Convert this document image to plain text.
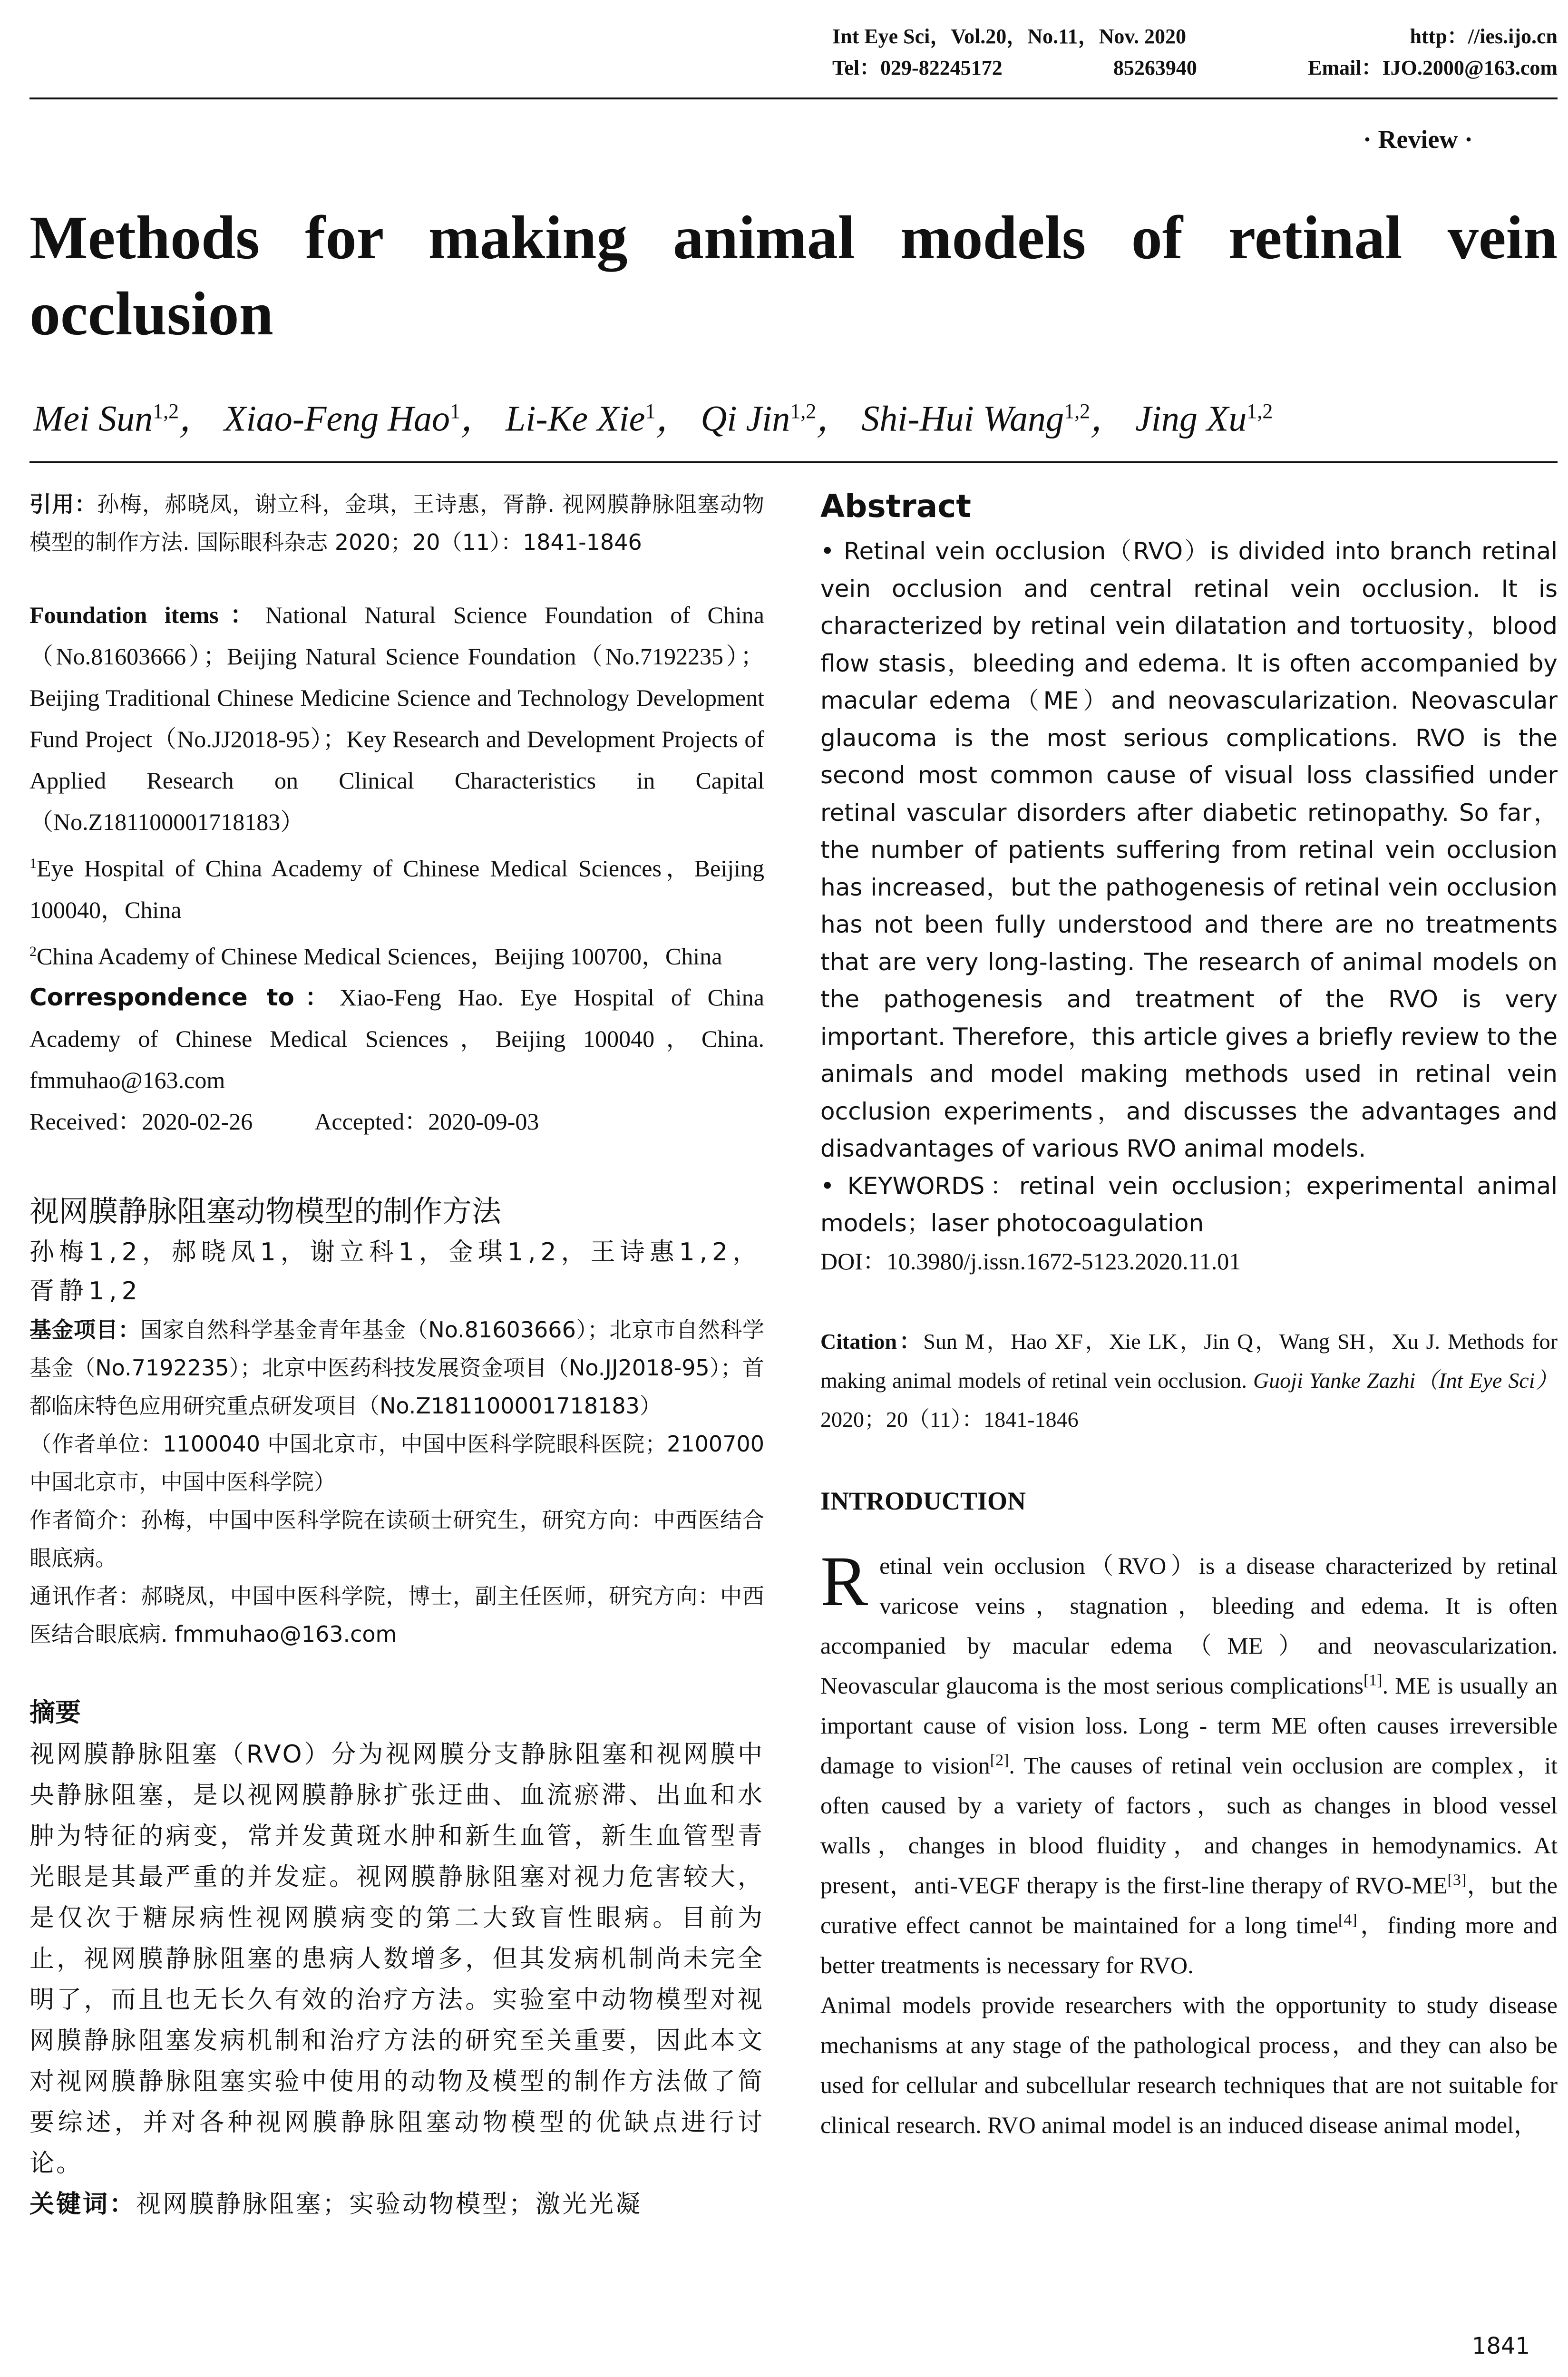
Int Eye Sci，Vol.20，No.11，Nov. 2020	http：//ies.ijo.cn
Tel：029-82245172	85263940	Email：IJO.2000@163.com
· Review ·
Methods for making animal models of retinal vein occlusion
Mei Sun$^{1,2}$， Xiao-Feng Hao$^1$， Li-Ke Xie$^1$， Qi Jin$^{1,2}$， Shi-Hui Wang$^{1,2}$， Jing Xu$^{1,2}$

引用：孙梅，郝晓凤，谢立科，金琪，王诗惠，胥静. 视网膜静脉阻塞动物模型的制作方法. 国际眼科杂志 2020；20（11）：1841-1846

Foundation items：National Natural Science Foundation of China（No.81603666）；Beijing Natural Science Foundation（No.7192235）；Beijing Traditional Chinese Medicine Science and Technology Development Fund Project（No.JJ2018-95）；Key Research and Development Projects of Applied Research on Clinical Characteristics in Capital（No.Z181100001718183）

$^1$Eye Hospital of China Academy of Chinese Medical Sciences，Beijing 100040，China

$^2$China Academy of Chinese Medical Sciences，Beijing 100700，China

Correspondence to：Xiao-Feng Hao. Eye Hospital of China Academy of Chinese Medical Sciences，Beijing 100040，China. fmmuhao@163.com

Received：2020-02-26	Accepted：2020-09-03

视网膜静脉阻塞动物模型的制作方法

孙梅1,2，郝晓凤1，谢立科1，金琪1,2，王诗惠1,2，
胥静1,2

基金项目：国家自然科学基金青年基金（No.81603666）；北京市自然科学基金（No.7192235）；北京中医药科技发展资金项目（No.JJ2018-95）；首都临床特色应用研究重点研发项目（No.Z181100001718183）

（作者单位：1100040 中国北京市，中国中医科学院眼科医院；2100700 中国北京市，中国中医科学院）

作者简介：孙梅，中国中医科学院在读硕士研究生，研究方向：中西医结合眼底病。

通讯作者：郝晓凤，中国中医科学院，博士，副主任医师，研究方向：中西医结合眼底病. fmmuhao@163.com

摘要

视网膜静脉阻塞（RVO）分为视网膜分支静脉阻塞和视网膜中央静脉阻塞，是以视网膜静脉扩张迂曲、血流瘀滞、出血和水肿为特征的病变，常并发黄斑水肿和新生血管，新生血管型青光眼是其最严重的并发症。视网膜静脉阻塞对视力危害较大，是仅次于糖尿病性视网膜病变的第二大致盲性眼病。目前为止，视网膜静脉阻塞的患病人数增多，但其发病机制尚未完全明了，而且也无长久有效的治疗方法。实验室中动物模型对视网膜静脉阻塞发病机制和治疗方法的研究至关重要，因此本文对视网膜静脉阻塞实验中使用的动物及模型的制作方法做了简要综述，并对各种视网膜静脉阻塞动物模型的优缺点进行讨论。

关键词：视网膜静脉阻塞；实验动物模型；激光光凝

Abstract

• Retinal vein occlusion（RVO）is divided into branch retinal vein occlusion and central retinal vein occlusion. It is characterized by retinal vein dilatation and tortuosity，blood flow stasis，bleeding and edema. It is often accompanied by macular edema（ME）and neovascularization. Neovascular glaucoma is the most serious complications. RVO is the second most common cause of visual loss classified under retinal vascular disorders after diabetic retinopathy. So far，the number of patients suffering from retinal vein occlusion has increased，but the pathogenesis of retinal vein occlusion has not been fully understood and there are no treatments that are very long-lasting. The research of animal models on the pathogenesis and treatment of the RVO is very important. Therefore，this article gives a briefly review to the animals and model making methods used in retinal vein occlusion experiments，and discusses the advantages and disadvantages of various RVO animal models.

• KEYWORDS：retinal vein occlusion；experimental animal models；laser photocoagulation

DOI：10.3980/j.issn.1672-5123.2020.11.01

Citation：Sun M，Hao XF，Xie LK，Jin Q，Wang SH，Xu J. Methods for making animal models of retinal vein occlusion. Guoji Yanke Zazhi（Int Eye Sci） 2020；20（11）：1841-1846

INTRODUCTION

Retinal vein occlusion（RVO）is a disease characterized by retinal varicose veins，stagnation，bleeding and edema. It is often accompanied by macular edema（ME）and neovascularization. Neovascular glaucoma is the most serious complications[1]. ME is usually an important cause of vision loss. Long - term ME often causes irreversible damage to vision[2]. The causes of retinal vein occlusion are complex，it often caused by a variety of factors，such as changes in blood vessel walls，changes in blood fluidity，and changes in hemodynamics. At present，anti-VEGF therapy is the first-line therapy of RVO-ME[3]，but the curative effect cannot be maintained for a long time[4]，finding more and better treatments is necessary for RVO.

Animal models provide researchers with the opportunity to study disease mechanisms at any stage of the pathological process，and they can also be used for cellular and subcellular research techniques that are not suitable for clinical research. RVO animal model is an induced disease animal model，

1841
